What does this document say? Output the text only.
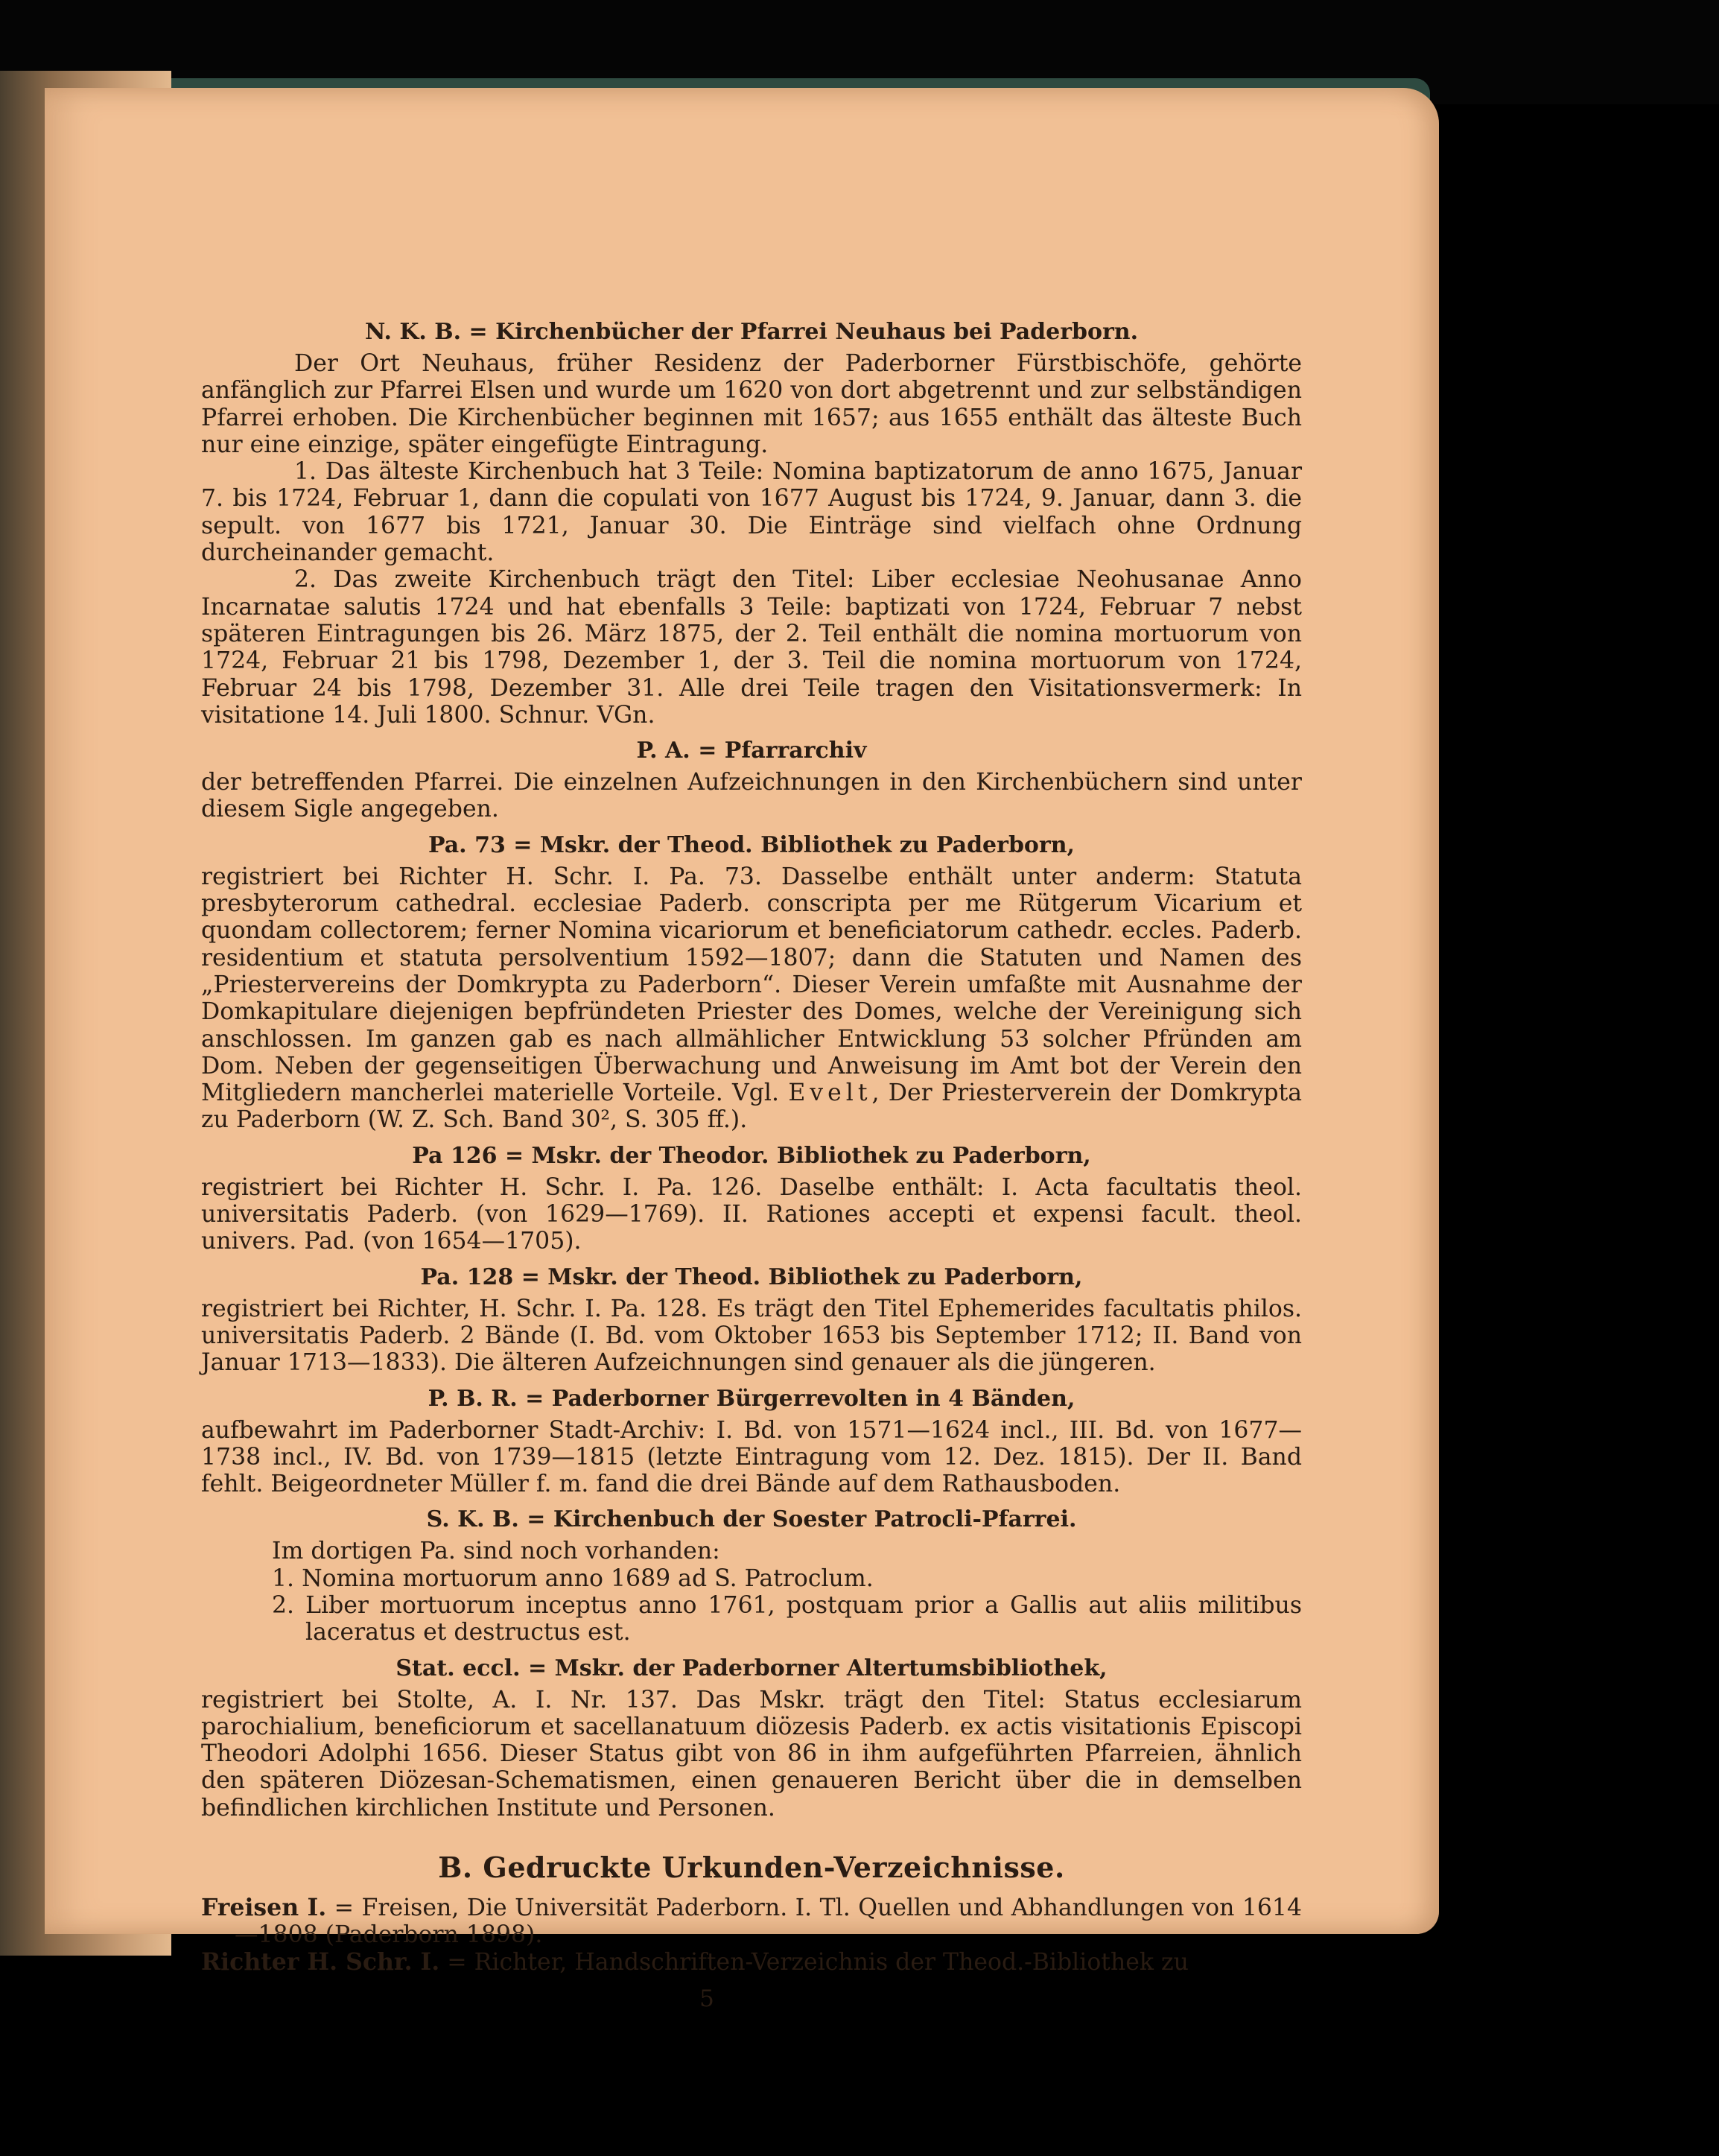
N. K. B. = Kirchenbücher der Pfarrei Neuhaus bei Paderborn.

Der Ort Neuhaus, früher Residenz der Paderborner Fürstbischöfe, gehörte anfänglich zur Pfarrei Elsen und wurde um 1620 von dort abgetrennt und zur selbständigen Pfarrei erhoben. Die Kirchenbücher beginnen mit 1657; aus 1655 enthält das älteste Buch nur eine einzige, später eingefügte Eintragung.

1. Das älteste Kirchenbuch hat 3 Teile: Nomina baptizatorum de anno 1675, Januar 7. bis 1724, Februar 1, dann die copulati von 1677 August bis 1724, 9. Januar, dann 3. die sepult. von 1677 bis 1721, Januar 30. Die Einträge sind vielfach ohne Ordnung durcheinander gemacht.

2. Das zweite Kirchenbuch trägt den Titel: Liber ecclesiae Neohusanae Anno Incarnatae salutis 1724 und hat ebenfalls 3 Teile: baptizati von 1724, Februar 7 nebst späteren Eintragungen bis 26. März 1875, der 2. Teil enthält die nomina mortuorum von 1724, Februar 21 bis 1798, Dezember 1, der 3. Teil die nomina mortuorum von 1724, Februar 24 bis 1798, Dezember 31. Alle drei Teile tragen den Visitationsvermerk: In visitatione 14. Juli 1800. Schnur. VGn.

P. A. = Pfarrarchiv

der betreffenden Pfarrei. Die einzelnen Aufzeichnungen in den Kirchenbüchern sind unter diesem Sigle angegeben.

Pa. 73 = Mskr. der Theod. Bibliothek zu Paderborn,

registriert bei Richter H. Schr. I. Pa. 73. Dasselbe enthält unter anderm: Statuta presbyterorum cathedral. ecclesiae Paderb. conscripta per me Rütgerum Vicarium et quondam collectorem; ferner Nomina vicariorum et beneficiatorum cathedr. eccles. Paderb. residentium et statuta persolventium 1592—1807; dann die Statuten und Namen des „Priestervereins der Domkrypta zu Paderborn“. Dieser Verein umfaßte mit Ausnahme der Domkapitulare diejenigen bepfründeten Priester des Domes, welche der Vereinigung sich anschlossen. Im ganzen gab es nach allmählicher Entwicklung 53 solcher Pfründen am Dom. Neben der gegenseitigen Überwachung und Anweisung im Amt bot der Verein den Mitgliedern mancherlei materielle Vorteile. Vgl. Evelt, Der Priesterverein der Domkrypta zu Paderborn (W. Z. Sch. Band 30², S. 305 ff.).

Pa 126 = Mskr. der Theodor. Bibliothek zu Paderborn,

registriert bei Richter H. Schr. I. Pa. 126. Daselbe enthält: I. Acta facultatis theol. universitatis Paderb. (von 1629—1769). II. Rationes accepti et expensi facult. theol. univers. Pad. (von 1654—1705).

Pa. 128 = Mskr. der Theod. Bibliothek zu Paderborn,

registriert bei Richter, H. Schr. I. Pa. 128. Es trägt den Titel Ephemerides facultatis philos. universitatis Paderb. 2 Bände (I. Bd. vom Oktober 1653 bis September 1712; II. Band von Januar 1713—1833). Die älteren Aufzeichnungen sind genauer als die jüngeren.

P. B. R. = Paderborner Bürgerrevolten in 4 Bänden,

aufbewahrt im Paderborner Stadt-Archiv: I. Bd. von 1571—1624 incl., III. Bd. von 1677—1738 incl., IV. Bd. von 1739—1815 (letzte Eintragung vom 12. Dez. 1815). Der II. Band fehlt. Beigeordneter Müller f. m. fand die drei Bände auf dem Rathausboden.

S. K. B. = Kirchenbuch der Soester Patrocli-Pfarrei.

Im dortigen Pa. sind noch vorhanden:

1. Nomina mortuorum anno 1689 ad S. Patroclum.
2. Liber mortuorum inceptus anno 1761, postquam prior a Gallis aut aliis militibus laceratus et destructus est.
Stat. eccl. = Mskr. der Paderborner Altertumsbibliothek,

registriert bei Stolte, A. I. Nr. 137. Das Mskr. trägt den Titel: Status ecclesiarum parochialium, beneficiorum et sacellanatuum diözesis Paderb. ex actis visitationis Episcopi Theodori Adolphi 1656. Dieser Status gibt von 86 in ihm aufgeführten Pfarreien, ähnlich den späteren Diözesan-Schematismen, einen genaueren Bericht über die in demselben befindlichen kirchlichen Institute und Personen.

B. Gedruckte Urkunden-Verzeichnisse.

Freisen I. = Freisen, Die Universität Paderborn. I. Tl. Quellen und Abhandlungen von 1614—1808 (Paderborn 1898).

Richter H. Schr. I. = Richter, Handschriften-Verzeichnis der Theod.-Bibliothek zu

5
